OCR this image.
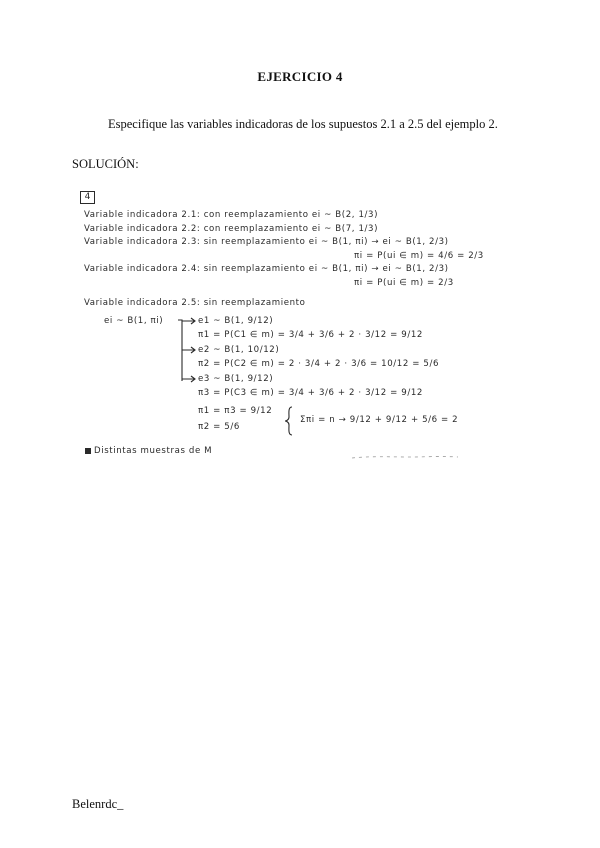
EJERCICIO 4
Especifique las variables indicadoras de los supuestos 2.1 a 2.5 del ejemplo 2.
SOLUCIÓN:
4
Variable indicadora 2.1: con reemplazamiento ei ~ B(2, 1/3)
Variable indicadora 2.2: con reemplazamiento ei ~ B(7, 1/3)
Variable indicadora 2.3: sin reemplazamiento ei ~ B(1, πi) → ei ~ B(1, 2/3)
πi = P(ui ∈ m) = 4/6 = 2/3
Variable indicadora 2.4: sin reemplazamiento ei ~ B(1, πi) → ei ~ B(1, 2/3)
πi = P(ui ∈ m) = 2/3
Variable indicadora 2.5: sin reemplazamiento
ei ~ B(1, πi)	e1 ~ B(1, 9/12)
π1 = P(C1 ∈ m) = 3/4 + 3/6 + 2 · 3/12 = 9/12
e2 ~ B(1, 10/12)
π2 = P(C2 ∈ m) = 2 · 3/4 + 2 · 3/6 = 10/12 = 5/6
e3 ~ B(1, 9/12)
π3 = P(C3 ∈ m) = 3/4 + 3/6 + 2 · 3/12 = 9/12
π1 = π3 = 9/12
π2 = 5/6
Σπi = n → 9/12 + 9/12 + 5/6 = 2
Distintas muestras de M
Belenrdc_
